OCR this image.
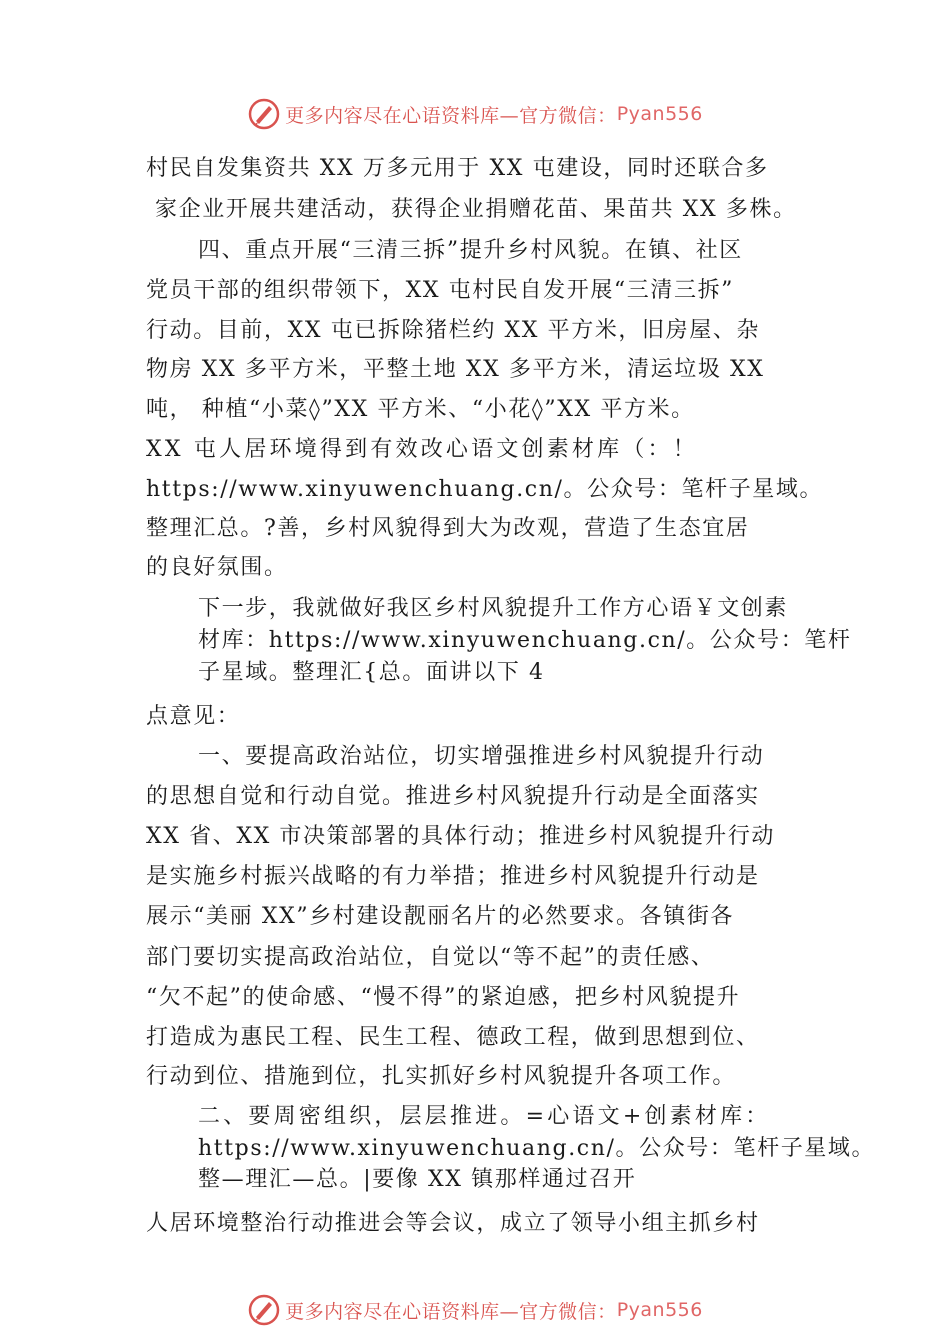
更多内容尽在心语资料库— 官方微信： Pyan556
村民自发集资共 XX 万多元用于 XX 屯建设，同时还联合多
家企业开展共建活动，获得企业捐赠花苗、果苗共 XX 多株。
四、重点开展“三清三拆”提升乡村风貌。在镇、社区
党员干部的组织带领下，XX 屯村民自发开展“三清三拆”
行动。目前，XX 屯已拆除猪栏约 XX 平方米，旧房屋、杂
物房 XX 多平方米，平整土地 XX 多平方米，清运垃圾 XX
吨， 种植“小菜◊”XX 平方米、“小花◊”XX 平方米。
XX 屯人居环境得到有效改心语文创素材库（：！
https://www.xinyuwenchuang.cn/。公众号：笔杆子星域。
整理汇总。?善，乡村风貌得到大为改观，营造了生态宜居
的良好氛围。
下一步，我就做好我区乡村风貌提升工作方心语￥文创素
材库：https://www.xinyuwenchuang.cn/。公众号：笔杆
子星域。整理汇{总。面讲以下 4
点意见：
一、要提高政治站位，切实增强推进乡村风貌提升行动
的思想自觉和行动自觉。推进乡村风貌提升行动是全面落实
XX 省、XX 市决策部署的具体行动；推进乡村风貌提升行动
是实施乡村振兴战略的有力举措；推进乡村风貌提升行动是
展示“美丽 XX”乡村建设靓丽名片的必然要求。各镇街各
部门要切实提高政治站位，自觉以“等不起”的责任感、
“欠不起”的使命感、“慢不得”的紧迫感，把乡村风貌提升
打造成为惠民工程、民生工程、德政工程，做到思想到位、
行动到位、措施到位，扎实抓好乡村风貌提升各项工作。
二、要周密组织，层层推进。=心语文+创素材库：
https://www.xinyuwenchuang.cn/。公众号：笔杆子星域。
整—理汇—总。|要像 XX 镇那样通过召开
人居环境整治行动推进会等会议，成立了领导小组主抓乡村
更多内容尽在心语资料库— 官方微信： Pyan556
